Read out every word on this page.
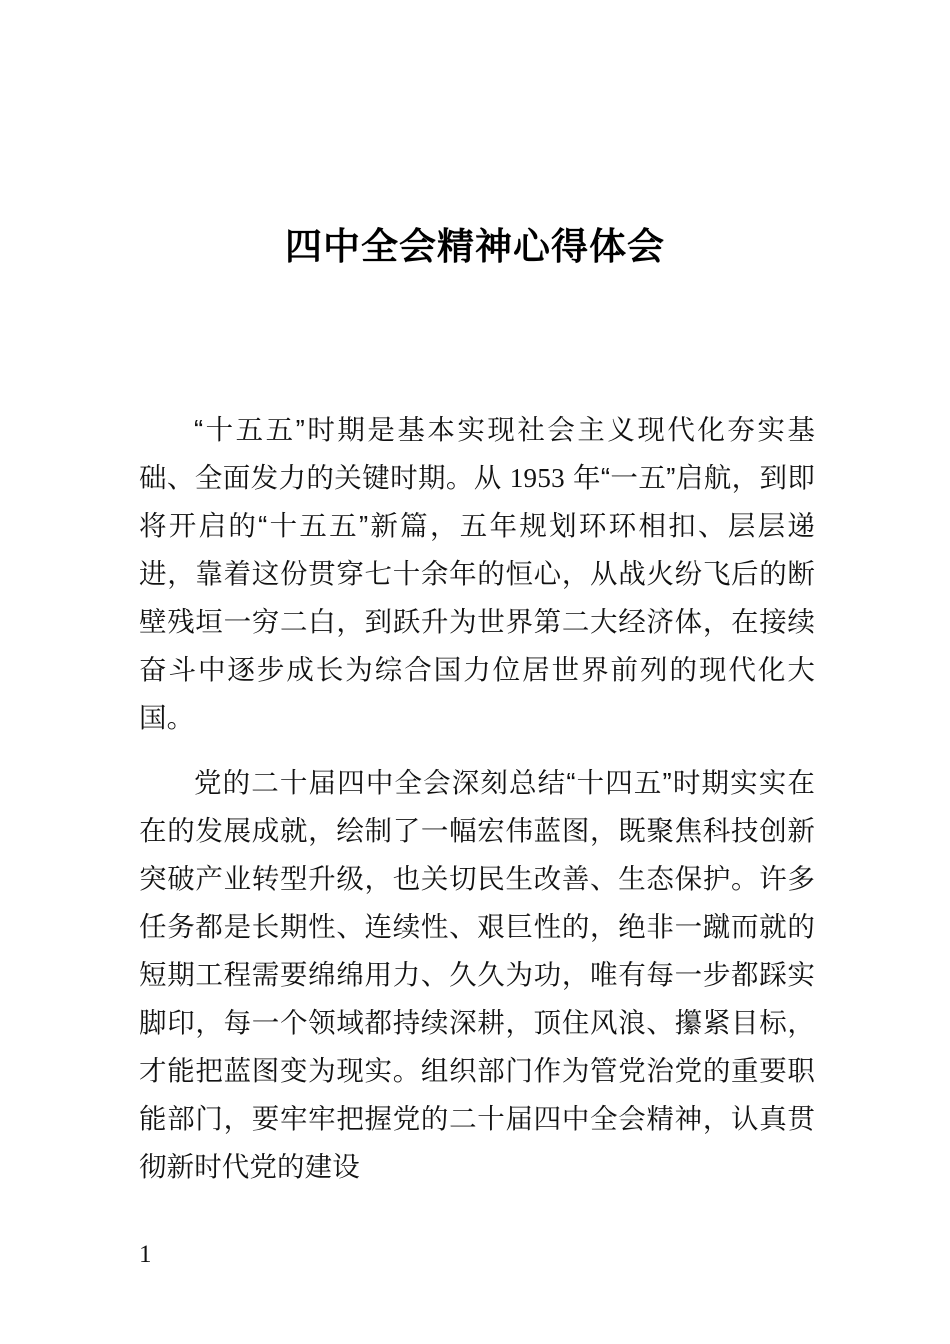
四中全会精神心得体会

“十五五”时期是基本实现社会主义现代化夯实基础、全面发力的关键时期。从 1953 年“一五”启航，到即将开启的“十五五”新篇，五年规划环环相扣、层层递进，靠着这份贯穿七十余年的恒心，从战火纷飞后的断壁残垣一穷二白，到跃升为世界第二大经济体，在接续奋斗中逐步成长为综合国力位居世界前列的现代化大国。

党的二十届四中全会深刻总结“十四五”时期实实在在的发展成就，绘制了一幅宏伟蓝图，既聚焦科技创新突破产业转型升级，也关切民生改善、生态保护。许多任务都是长期性、连续性、艰巨性的，绝非一蹴而就的短期工程需要绵绵用力、久久为功，唯有每一步都踩实脚印，每一个领域都持续深耕，顶住风浪、攥紧目标，才能把蓝图变为现实。组织部门作为管党治党的重要职能部门，要牢牢把握党的二十届四中全会精神，认真贯彻新时代党的建设

1
